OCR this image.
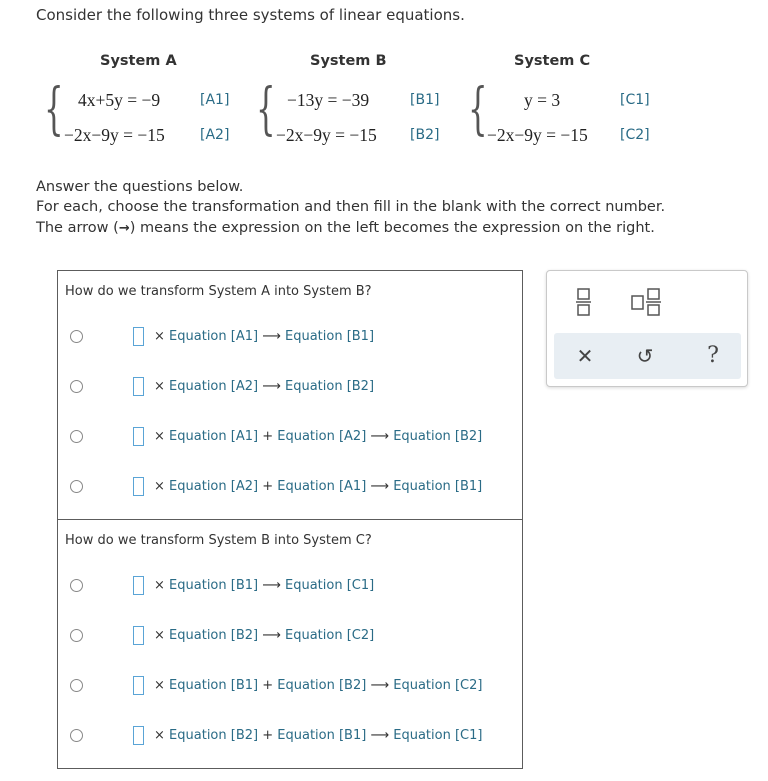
Consider the following three systems of linear equations.
System A	System B	System C
{	{	{
4x+5y = −9	[A1]
−2x−9y = −15	[A2]
−13y = −39	[B1]
−2x−9y = −15 [B2]
y = 3	[C1]
−2x−9y = −15 [C2]
Answer the questions below.
For each, choose the transformation and then fill in the blank with the correct number.
The arrow (→) means the expression on the left becomes the expression on the right.
How do we transform System A into System B?
× Equation [A1] ⟶ Equation [B1]
× Equation [A2] ⟶ Equation [B2]
× Equation [A1] + Equation [A2] ⟶ Equation [B2]
× Equation [A2] + Equation [A1] ⟶ Equation [B1]
How do we transform System B into System C?
× Equation [B1] ⟶ Equation [C1]
× Equation [B2] ⟶ Equation [C2]
× Equation [B1] + Equation [B2] ⟶ Equation [C2]
× Equation [B2] + Equation [B1] ⟶ Equation [C1]
✕ ↺ ?
